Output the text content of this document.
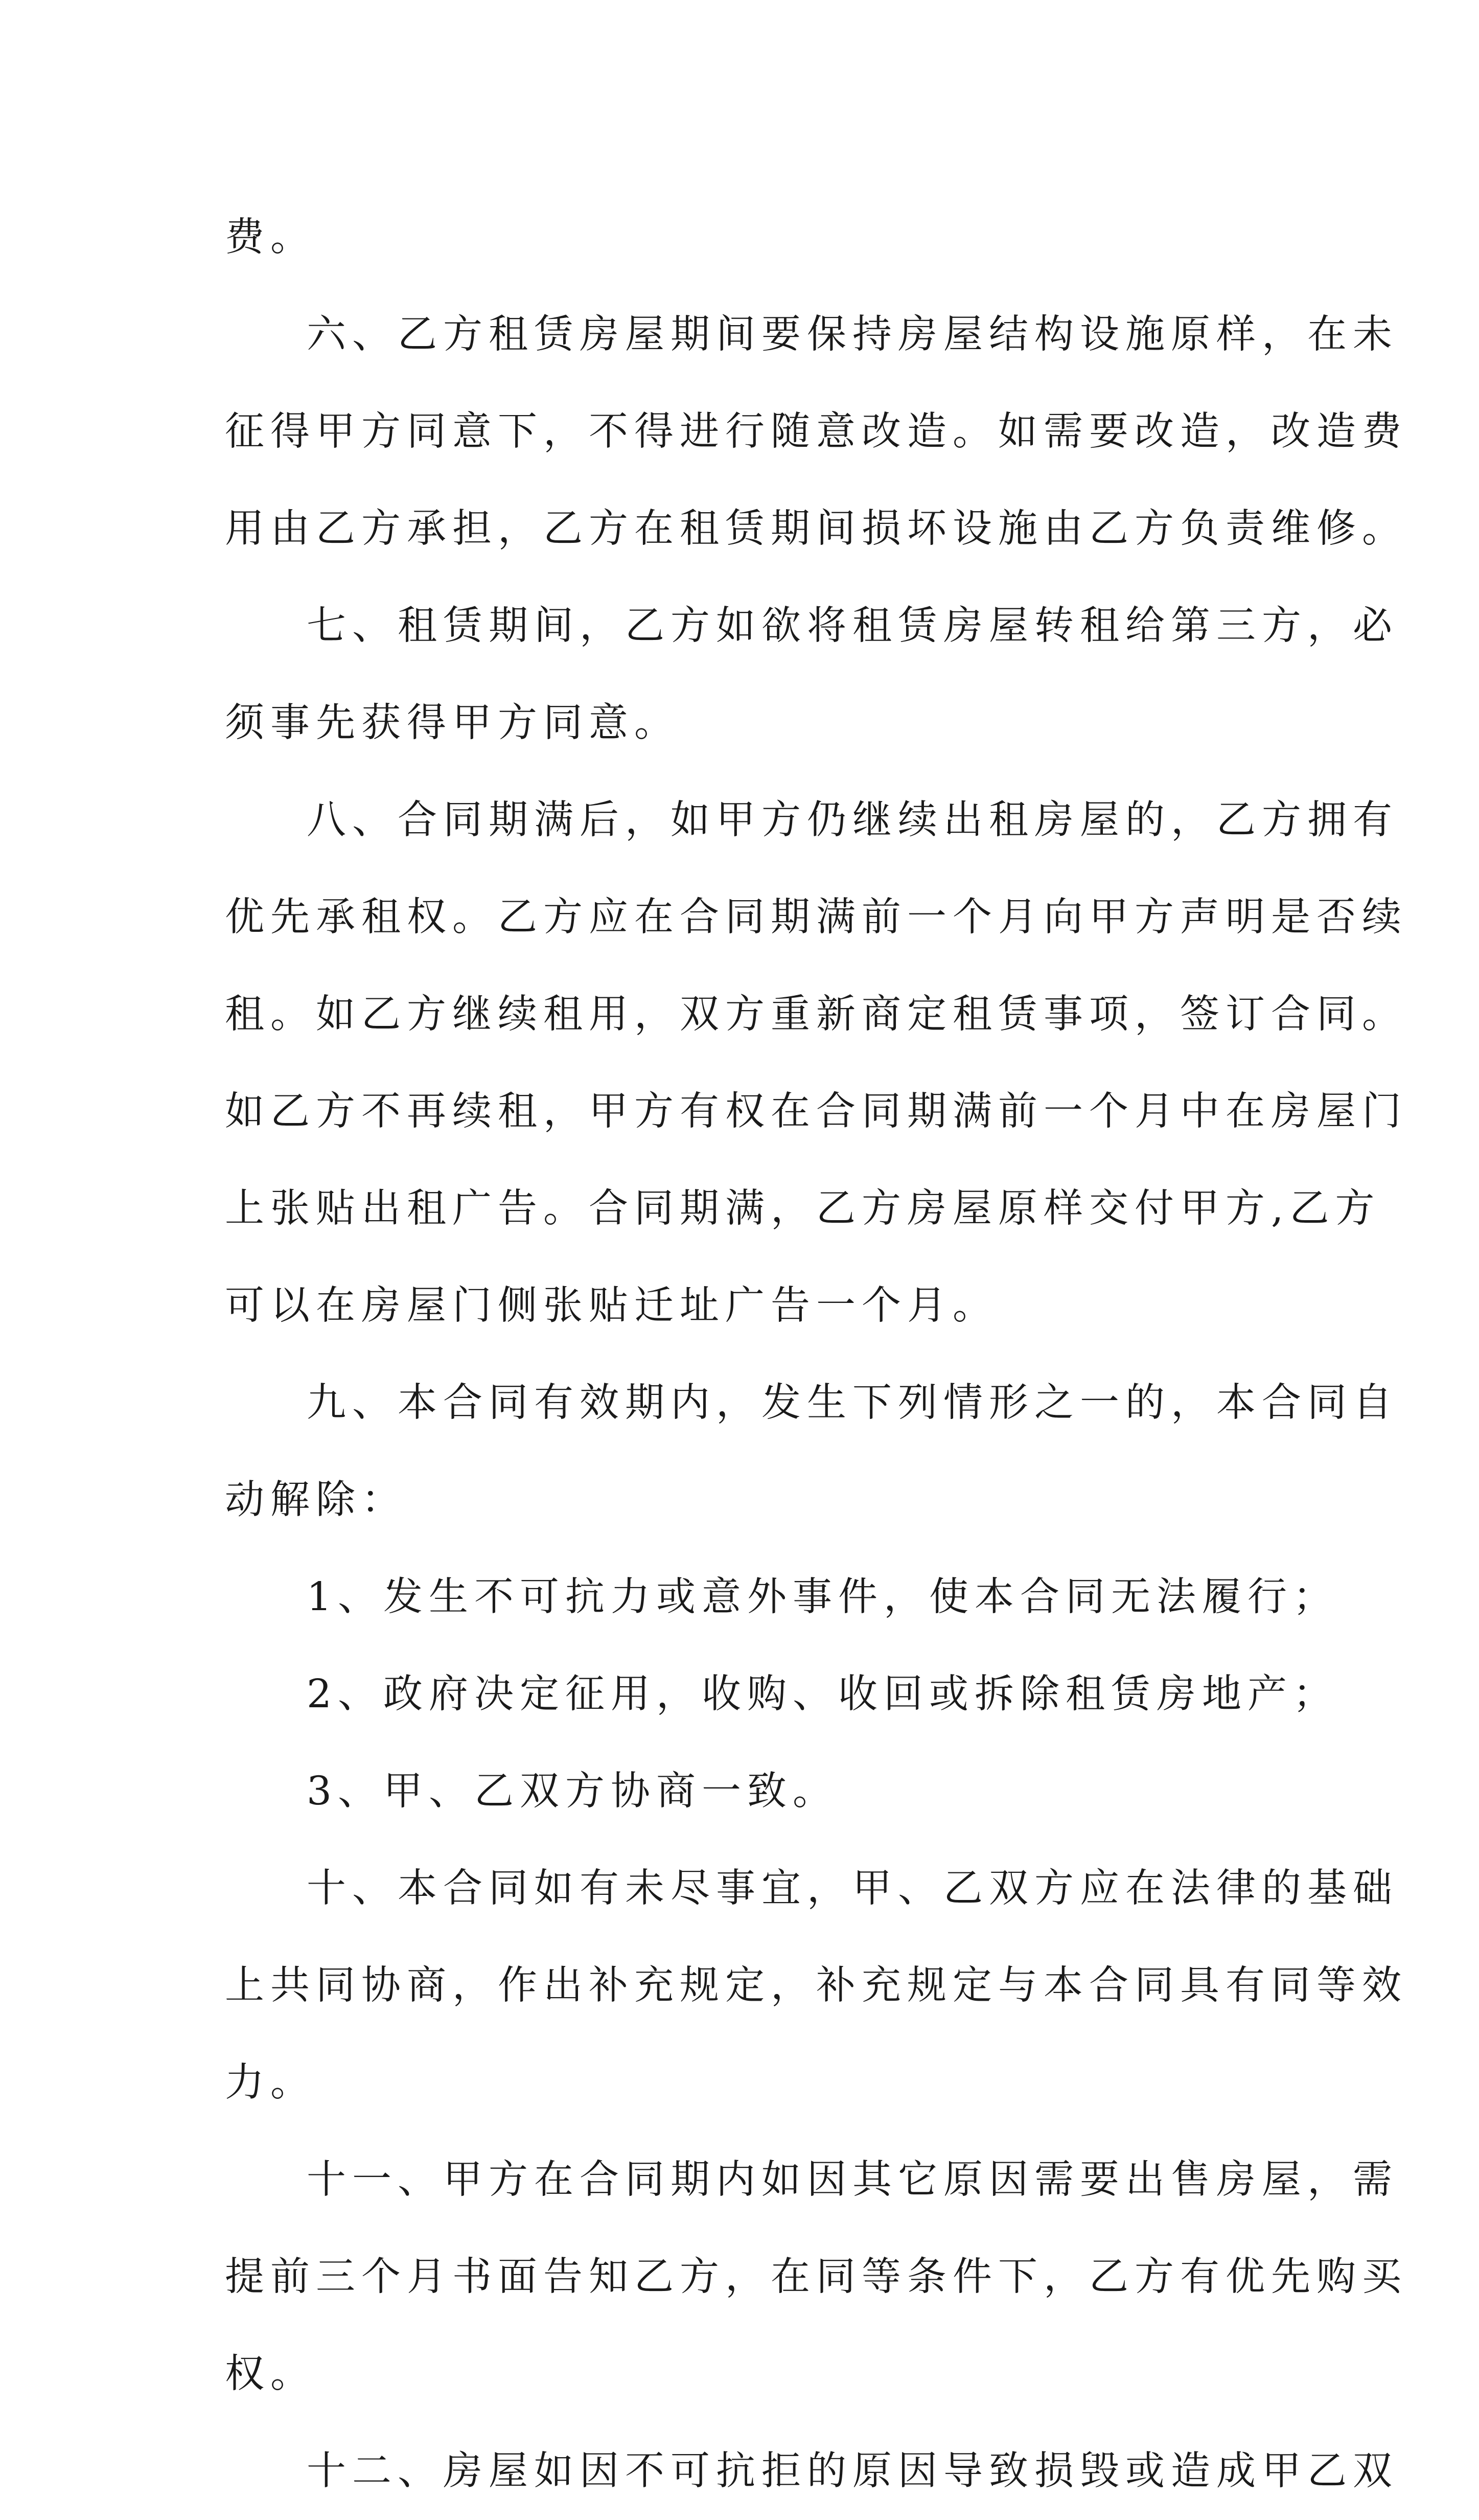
费。
六、乙方租赁房屋期间要保持房屋结构设施原样，在未
征得甲方同意下，不得进行随意改造。如需要改造，改造费
用由乙方承担，乙方在租赁期间损坏设施由乙方负责维修。
七、租赁期间，乙方如欲将租赁房屋转租给第三方，必
须事先获得甲方同意。
八、合同期满后，如甲方仍继续出租房屋的，乙方拥有
优先承租权。乙方应在合同期满前一个月向甲方声明是否续
租。如乙方继续租用，双方重新商定租赁事项，签订合同。
如乙方不再续租，甲方有权在合同期满前一个月中在房屋门
上张贴出租广告。合同期满，乙方房屋原样交付甲方,乙方
可以在房屋门侧张贴迁址广告一个月。
九、本合同有效期内，发生下列情形之一的，本合同自
动解除：
1、发生不可抗力或意外事件，使本合同无法履行；
2、政府决定征用，收购、收回或拆除租赁房地产；
3、甲、乙双方协商一致。
十、本合同如有未尽事宜，甲、乙双方应在法律的基础
上共同协商，作出补充规定，补充规定与本合同具有同等效
力。
十一、甲方在合同期内如因其它原因需要出售房屋，需
提前三个月书面告知乙方，在同等条件下，乙方有优先购买
权。
十二、房屋如因不可抗拒的原因导致损毁或造成甲乙双
